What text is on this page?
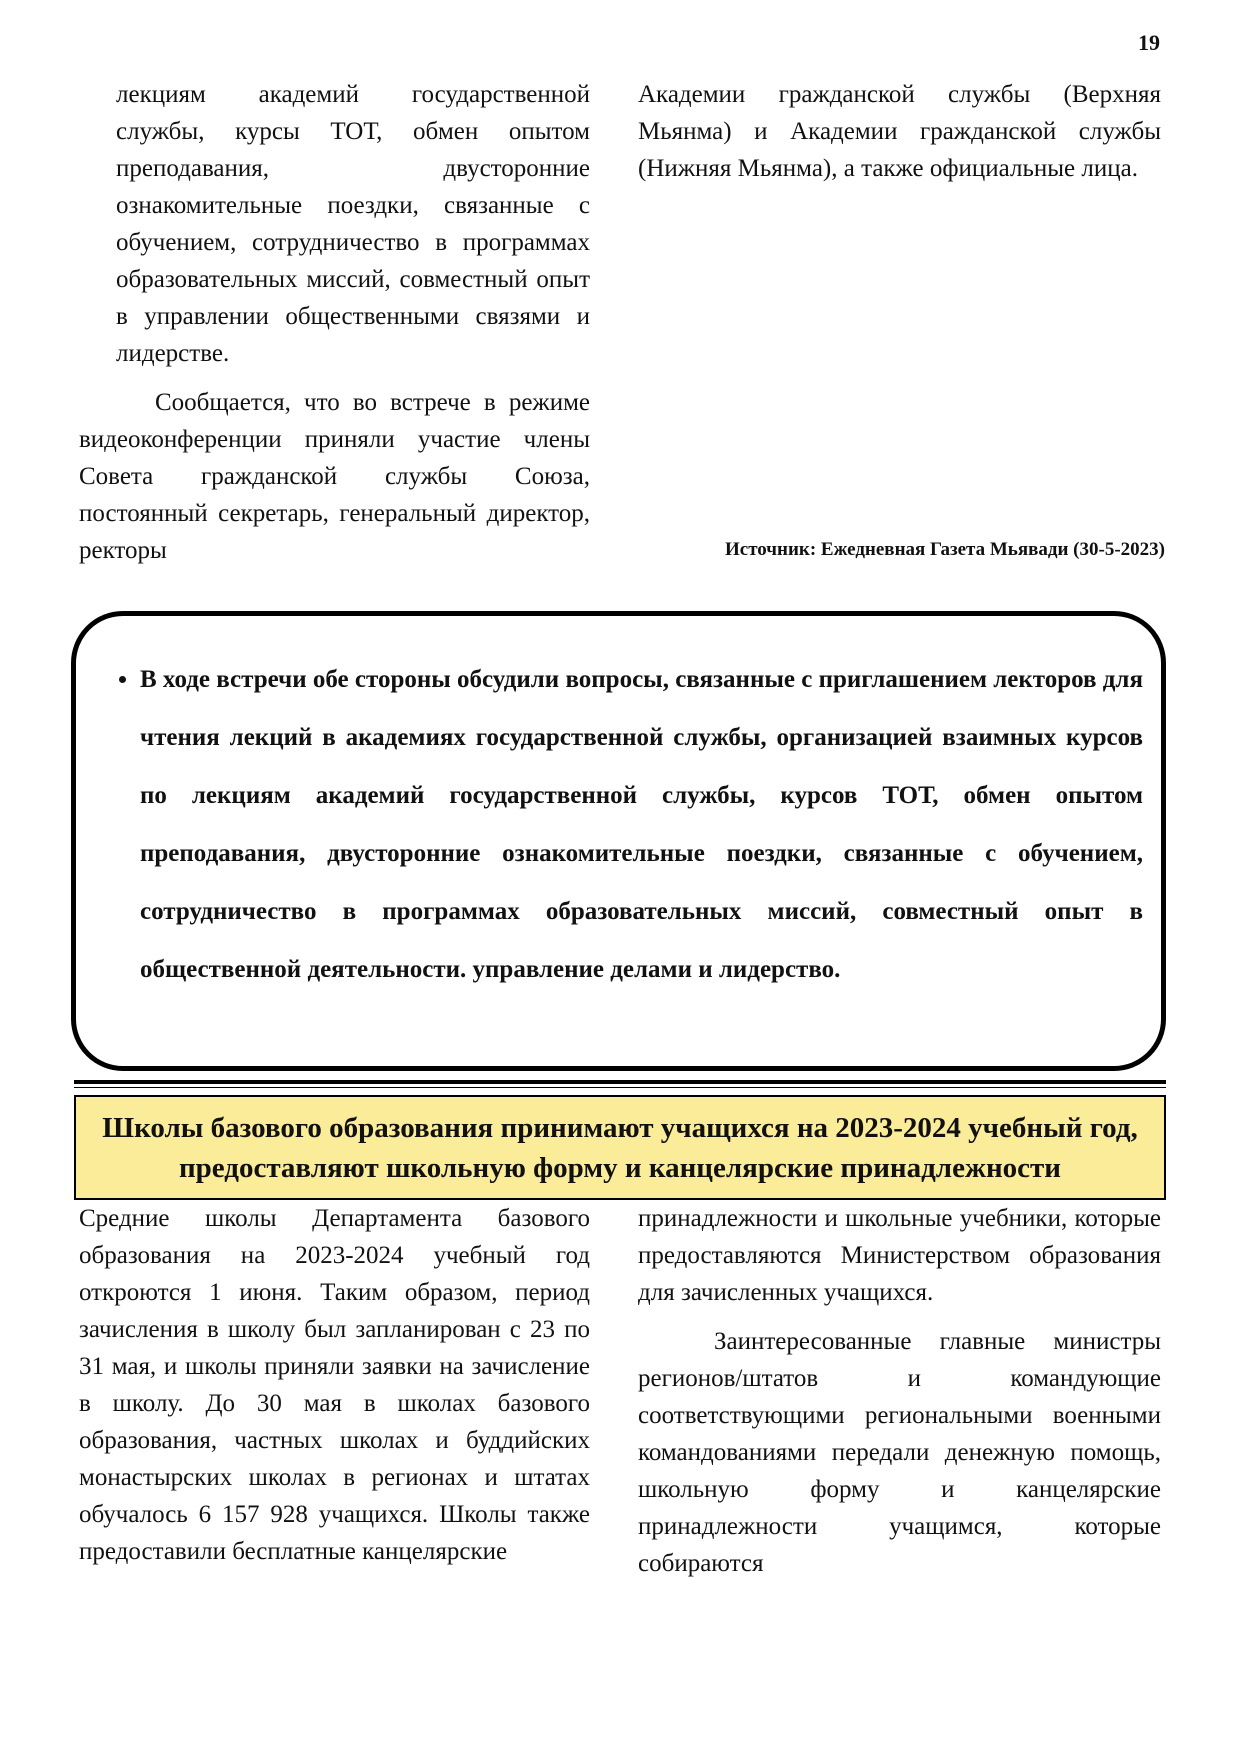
19

лекциям академий государственной службы, курсы ТОТ, обмен опытом преподавания, двусторонние ознакомительные поездки, связанные с обучением, сотрудничество в программах образовательных миссий, совместный опыт в управлении общественными связями и лидерстве.

Сообщается, что во встрече в режиме видеоконференции приняли участие члены Совета гражданской службы Союза, постоянный секретарь, генеральный директор, ректоры

Академии гражданской службы (Верхняя Мьянма) и Академии гражданской службы (Нижняя Мьянма), а также официальные лица.

Источник: Ежедневная Газета Мьявади (30-5-2023)
• В ходе встречи обе стороны обсудили вопросы, связанные с приглашением лекторов для чтения лекций в академиях государственной службы, организацией взаимных курсов по лекциям академий государственной службы, курсов ТОТ, обмен опытом преподавания, двусторонние ознакомительные поездки, связанные с обучением, сотрудничество в программах образовательных миссий, совместный опыт в общественной деятельности. управление делами и лидерство.
Школы базового образования принимают учащихся на 2023-2024 учебный год, предоставляют школьную форму и канцелярские принадлежности

Средние школы Департамента базового образования на 2023-2024 учебный год откроются 1 июня. Таким образом, период зачисления в школу был запланирован с 23 по 31 мая, и школы приняли заявки на зачисление в школу. До 30 мая в школах базового образования, частных школах и буддийских монастырских школах в регионах и штатах обучалось 6 157 928 учащихся. Школы также предоставили бесплатные канцелярские

принадлежности и школьные учебники, которые предоставляются Министерством образования для зачисленных учащихся.

Заинтересованные главные министры регионов/штатов и командующие соответствующими региональными военными командованиями передали денежную помощь, школьную форму и канцелярские принадлежности учащимся, которые собираются
